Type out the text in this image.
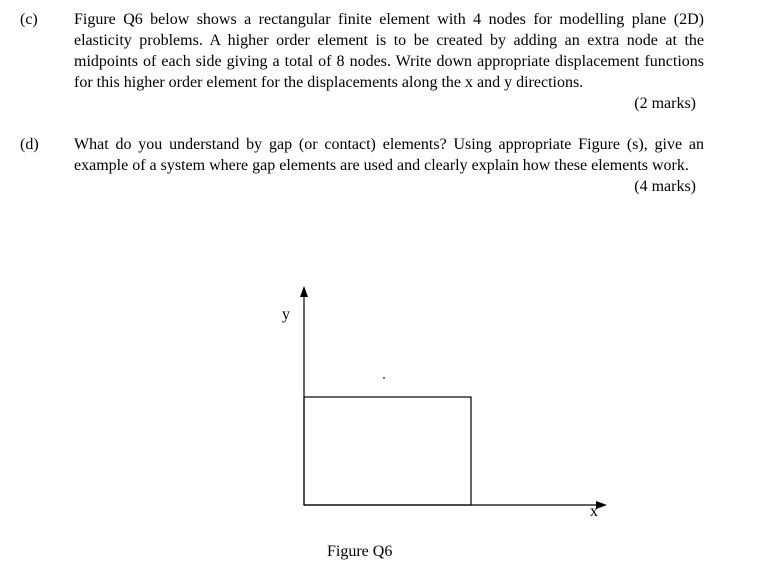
(c) Figure Q6 below shows a rectangular finite element with 4 nodes for modelling plane (2D) elasticity problems. A higher order element is to be created by adding an extra node at the midpoints of each side giving a total of 8 nodes. Write down appropriate displacement functions for this higher order element for the displacements along the x and y directions.
(2 marks)
(d) What do you understand by gap (or contact) elements? Using appropriate Figure (s), give an example of a system where gap elements are used and clearly explain how these elements work.
(4 marks)
y
x
Figure Q6
